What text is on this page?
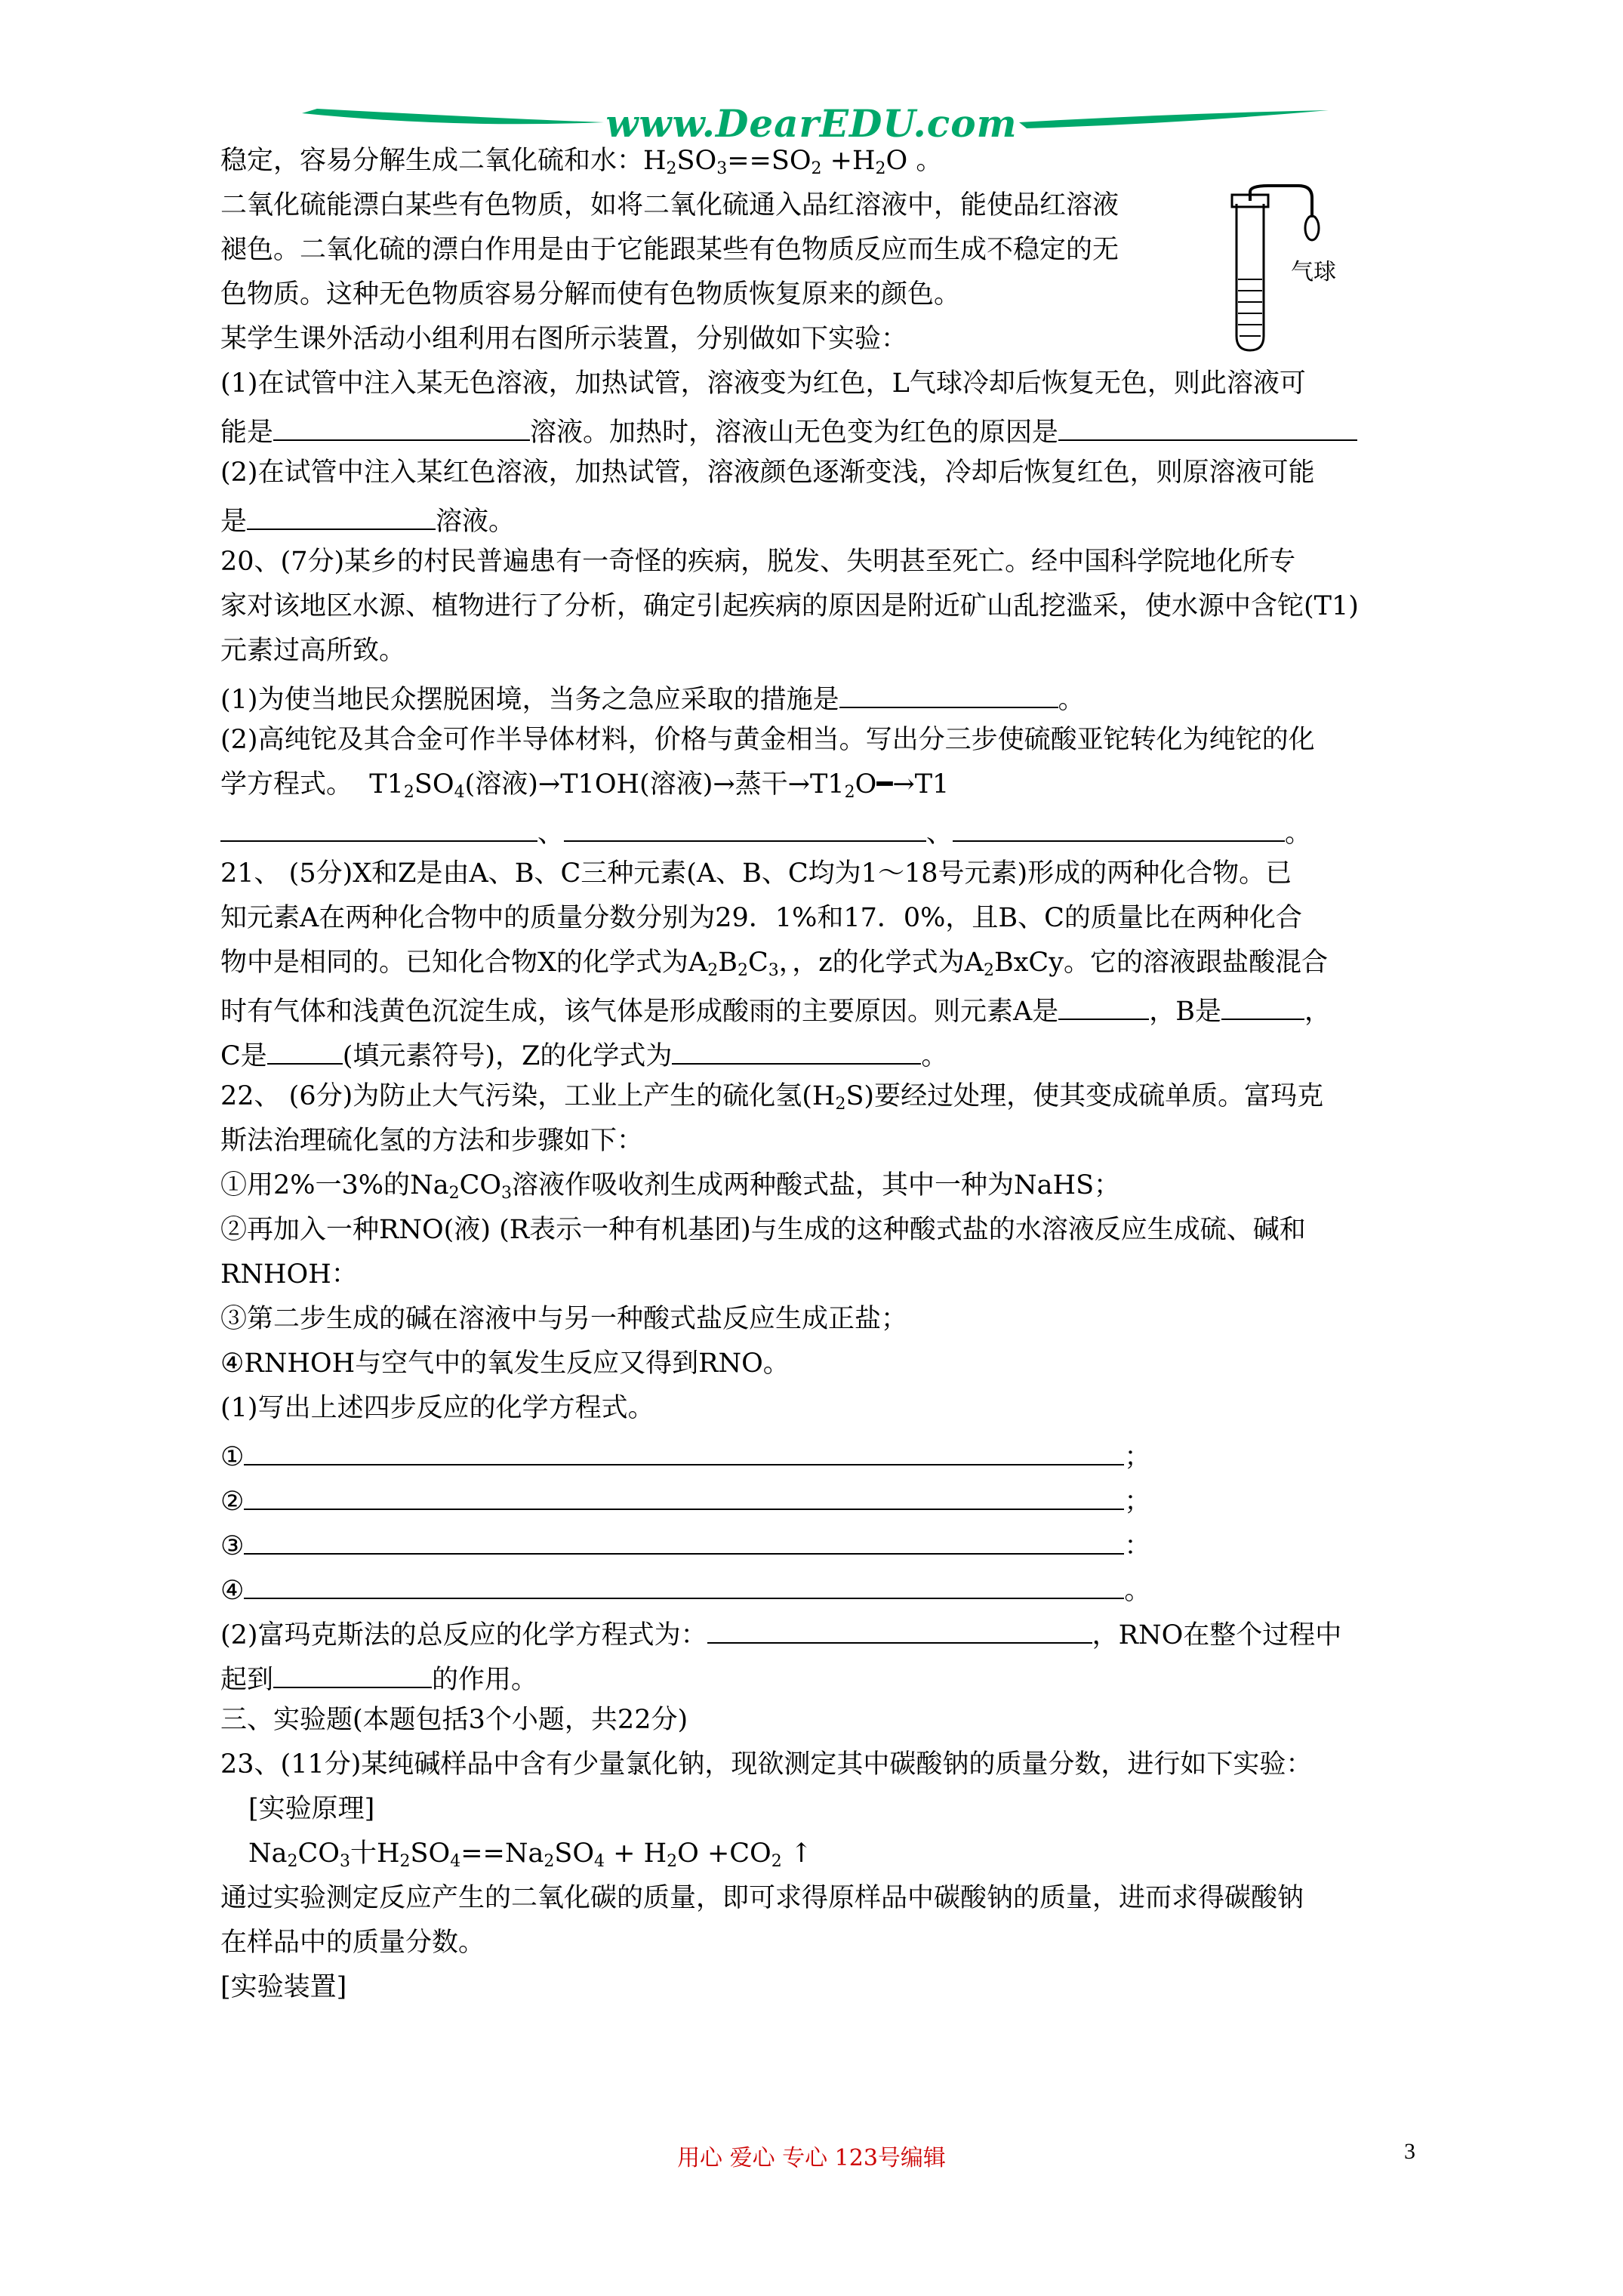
www.DearEDU.com
气球
稳定，容易分解生成二氧化硫和水：$H_2SO_3==SO_2 +H_2O$ 。
二氧化硫能漂白某些有色物质，如将二氧化硫通入品红溶液中，能使品红溶液
褪色。二氧化硫的漂白作用是由于它能跟某些有色物质反应而生成不稳定的无
色物质。这种无色物质容易分解而使有色物质恢复原来的颜色。
某学生课外活动小组利用右图所示装置，分别做如下实验：
(1)在试管中注入某无色溶液，加热试管，溶液变为红色，L气球冷却后恢复无色，则此溶液可
能是	溶液。加热时，溶液山无色变为红色的原因是
(2)在试管中注入某红色溶液，加热试管，溶液颜色逐渐变浅，冷却后恢复红色，则原溶液可能
是	溶液。
20、(7分)某乡的村民普遍患有一奇怪的疾病，脱发、失明甚至死亡。经中国科学院地化所专
家对该地区水源、植物进行了分析，确定引起疾病的原因是附近矿山乱挖滥采，使水源中含铊(T1)
元素过高所致。
(1)为使当地民众摆脱困境，当务之急应采取的措施是	。
(2)高纯铊及其合金可作半导体材料，价格与黄金相当。写出分三步使硫酸亚铊转化为纯铊的化
学方程式。 $T1_2SO_4$(溶液)→T1OH(溶液)→蒸干$\to T1_2O━\to T1$
、	、	。
21、 (5分)X和Z是由A、B、C三种元素(A、B、C均为1～18号元素)形成的两种化合物。已
知元素A在两种化合物中的质量分数分别为29．1%和17．0%，且B、C的质量比在两种化合
物中是相同的。已知化合物X的化学式为$A_2B_2C_3$，，z的化学式为$A_2BxCy$。它的溶液跟盐酸混合
时有气体和浅黄色沉淀生成，该气体是形成酸雨的主要原因。则元素A是	，B是	，
C是	(填元素符号)，Z的化学式为	。
22、 (6分)为防止大气污染，工业上产生的硫化氢$(H_2S)$要经过处理，使其变成硫单质。富玛克
斯法治理硫化氢的方法和步骤如下：
①用2%一3%的$Na_2CO_3$溶液作吸收剂生成两种酸式盐，其中一种为NaHS；
②再加入一种RNO(液) (R表示一种有机基团)与生成的这种酸式盐的水溶液反应生成硫、碱和
RNHOH：
③第二步生成的碱在溶液中与另一种酸式盐反应生成正盐；
④RNHOH与空气中的氧发生反应又得到RNO。
(1)写出上述四步反应的化学方程式。
①	；
②	；
③	：
④	。
(2)富玛克斯法的总反应的化学方程式为：	，RNO在整个过程中
起到	的作用。
三、实验题(本题包括3个小题，共22分)
23、(11分)某纯碱样品中含有少量氯化钠，现欲测定其中碳酸钠的质量分数，进行如下实验：
[实验原理]
$Na_2CO_3$十$H_2SO_4==Na_2SO_4 + H_2O +CO_2$ ↑
通过实验测定反应产生的二氧化碳的质量，即可求得原样品中碳酸钠的质量，进而求得碳酸钠
在样品中的质量分数。
[实验装置]
用心 爱心 专心 123号编辑	3
